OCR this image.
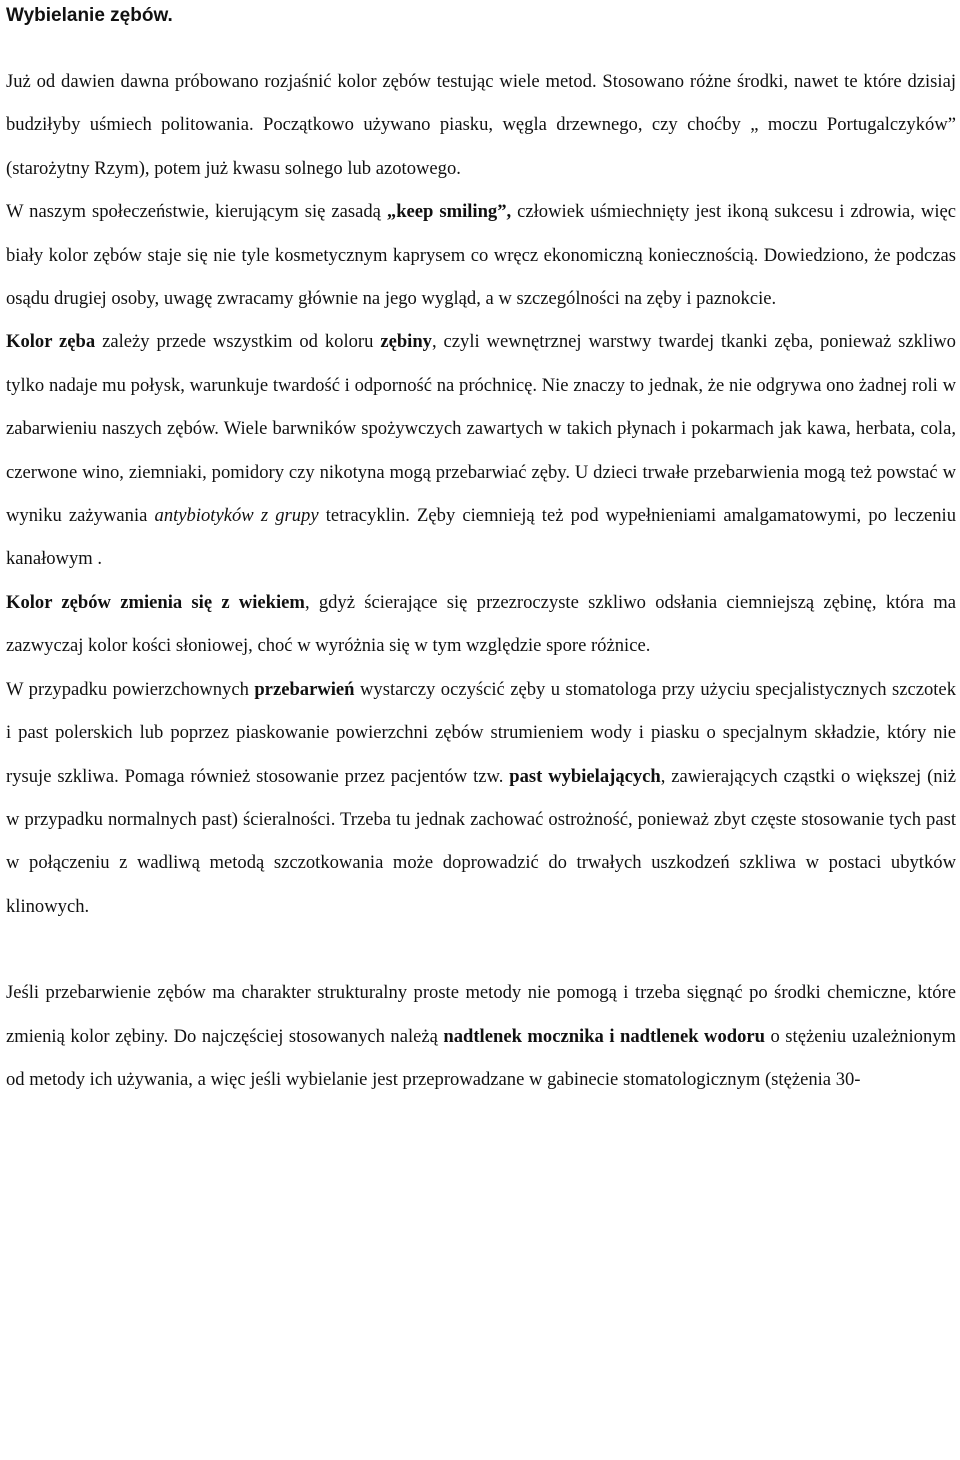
Wybielanie zębów.

Już od dawien dawna próbowano rozjaśnić kolor zębów testując wiele metod. Stosowano różne środki, nawet te które dzisiaj budziłyby uśmiech politowania. Początkowo używano piasku, węgla drzewnego, czy choćby „ moczu Portugalczyków” (starożytny Rzym), potem już kwasu solnego lub azotowego.

W naszym społeczeństwie, kierującym się zasadą „keep smiling”, człowiek uśmiechnięty jest ikoną sukcesu i zdrowia, więc biały kolor zębów staje się nie tyle kosmetycznym kaprysem co wręcz ekonomiczną koniecznością. Dowiedziono, że podczas osądu drugiej osoby, uwagę zwracamy głównie na jego wygląd, a w szczególności na zęby i paznokcie.

Kolor zęba zależy przede wszystkim od koloru zębiny, czyli wewnętrznej warstwy twardej tkanki zęba, ponieważ szkliwo tylko nadaje mu połysk, warunkuje twardość i odporność na próchnicę. Nie znaczy to jednak, że nie odgrywa ono żadnej roli w zabarwieniu naszych zębów. Wiele barwników spożywczych zawartych w takich płynach i pokarmach jak kawa, herbata, cola, czerwone wino, ziemniaki, pomidory czy nikotyna mogą przebarwiać zęby. U dzieci trwałe przebarwienia mogą też powstać w wyniku zażywania antybiotyków z grupy tetracyklin. Zęby ciemnieją też pod wypełnieniami amalgamatowymi, po leczeniu kanałowym .

Kolor zębów zmienia się z wiekiem, gdyż ścierające się przezroczyste szkliwo odsłania ciemniejszą zębinę, która ma zazwyczaj kolor kości słoniowej, choć w wyróżnia się w tym względzie spore różnice.

W przypadku powierzchownych przebarwień wystarczy oczyścić zęby u stomatologa przy użyciu specjalistycznych szczotek i past polerskich lub poprzez piaskowanie powierzchni zębów strumieniem wody i piasku o specjalnym składzie, który nie rysuje szkliwa. Pomaga również stosowanie przez pacjentów tzw. past wybielających, zawierających cząstki o większej (niż w przypadku normalnych past) ścieralności. Trzeba tu jednak zachować ostrożność, ponieważ zbyt częste stosowanie tych past w połączeniu z wadliwą metodą szczotkowania może doprowadzić do trwałych uszkodzeń szkliwa w postaci ubytków klinowych.

Jeśli przebarwienie zębów ma charakter strukturalny proste metody nie pomogą i trzeba sięgnąć po środki chemiczne, które zmienią kolor zębiny. Do najczęściej stosowanych należą nadtlenek mocznika i nadtlenek wodoru o stężeniu uzależnionym od metody ich używania, a więc jeśli wybielanie jest przeprowadzane w gabinecie stomatologicznym (stężenia 30-
